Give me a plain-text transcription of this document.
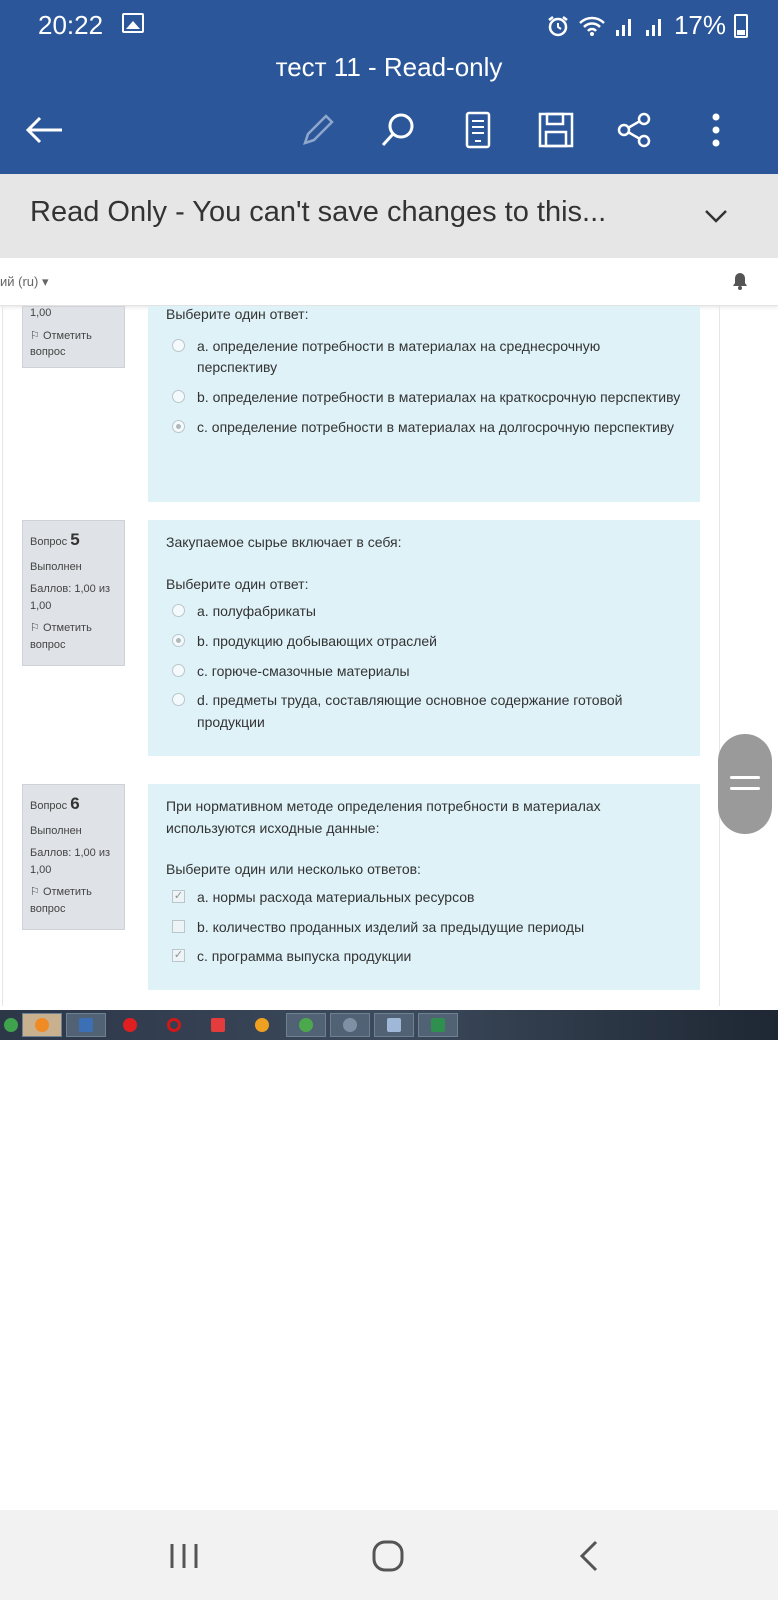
20:22	17%
тест 11 - Read-only
Read Only - You can't save changes to this...
ий (ru) ▾

1,00

⚐ Отметить вопрос
Выберите один ответ:
a. определение потребности в материалах на среднесрочную перспективу
b. определение потребности в материалах на краткосрочную перспективу
c. определение потребности в материалах на долгосрочную перспективу

Вопрос 5

Выполнен

Баллов: 1,00 из 1,00

⚐ Отметить вопрос
Закупаемое сырье включает в себя:
Выберите один ответ:
a. полуфабрикаты
b. продукцию добывающих отраслей
c. горюче-смазочные материалы
d. предметы труда, составляющие основное содержание готовой продукции

Вопрос 6

Выполнен

Баллов: 1,00 из 1,00

⚐ Отметить вопрос
При нормативном методе определения потребности в материалах используются исходные данные:
Выберите один или несколько ответов:
✓ a. нормы расхода материальных ресурсов
b. количество проданных изделий за предыдущие периоды
✓ c. программа выпуска продукции
